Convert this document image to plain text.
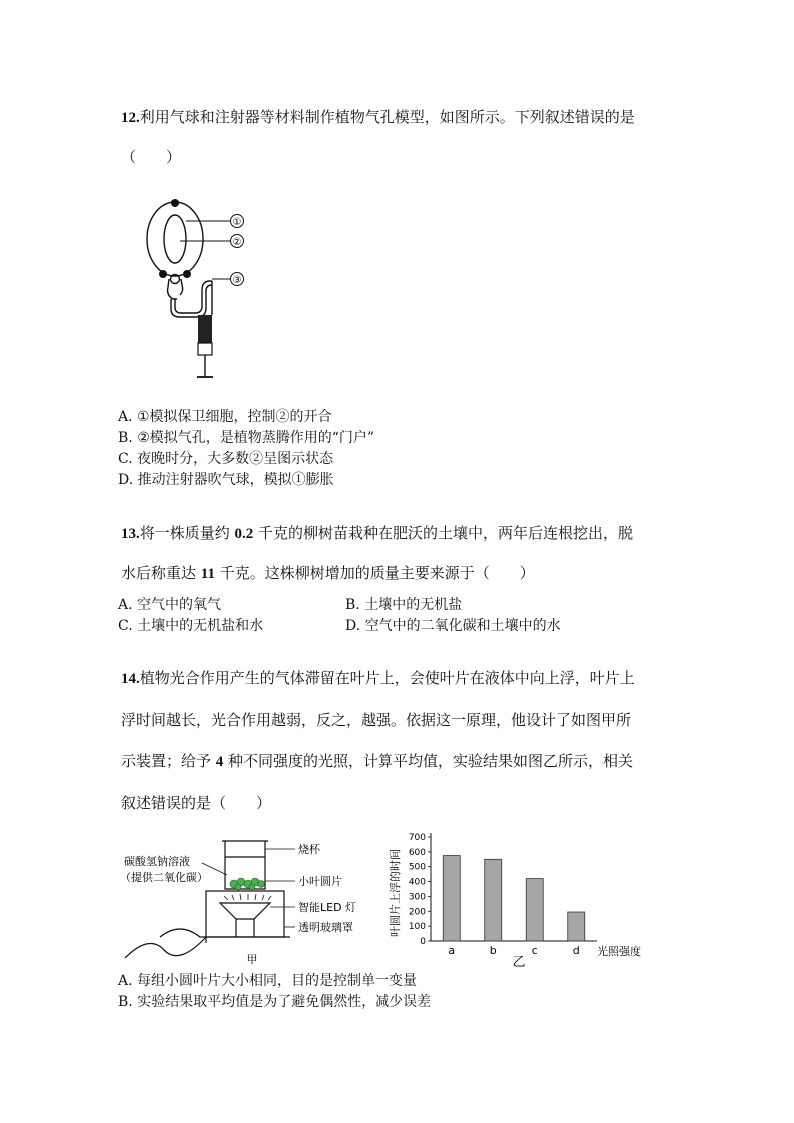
12.利用气球和注射器等材料制作植物气孔模型，如图所示。下列叙述错误的是
（　　）
①
②
③
A. ①模拟保卫细胞，控制②的开合
B. ②模拟气孔，是植物蒸腾作用的“门户”
C. 夜晚时分，大多数②呈图示状态
D. 推动注射器吹气球，模拟①膨胀
13.将一株质量约 0.2 千克的柳树苗栽种在肥沃的土壤中，两年后连根挖出，脱
水后称重达 11 千克。这株柳树增加的质量主要来源于（　　）
A. 空气中的氧气	B. 土壤中的无机盐
C. 土壤中的无机盐和水	D. 空气中的二氧化碳和土壤中的水
14.植物光合作用产生的气体滞留在叶片上，会使叶片在液体中向上浮，叶片上
浮时间越长，光合作用越弱，反之，越强。依据这一原理，他设计了如图甲所
示装置；给予 4 种不同强度的光照，计算平均值，实验结果如图乙所示，相关
叙述错误的是（　　）
碳酸氢钠溶液
（提供二氧化碳）
烧杯
小叶圆片
智能LED 灯
透明玻璃罩
甲
叶圆片上浮的时间
0
100
200
300
400
500
600
700
a	b	c	d 光照强度
乙
A. 每组小圆叶片大小相同，目的是控制单一变量
B. 实验结果取平均值是为了避免偶然性，减少误差
